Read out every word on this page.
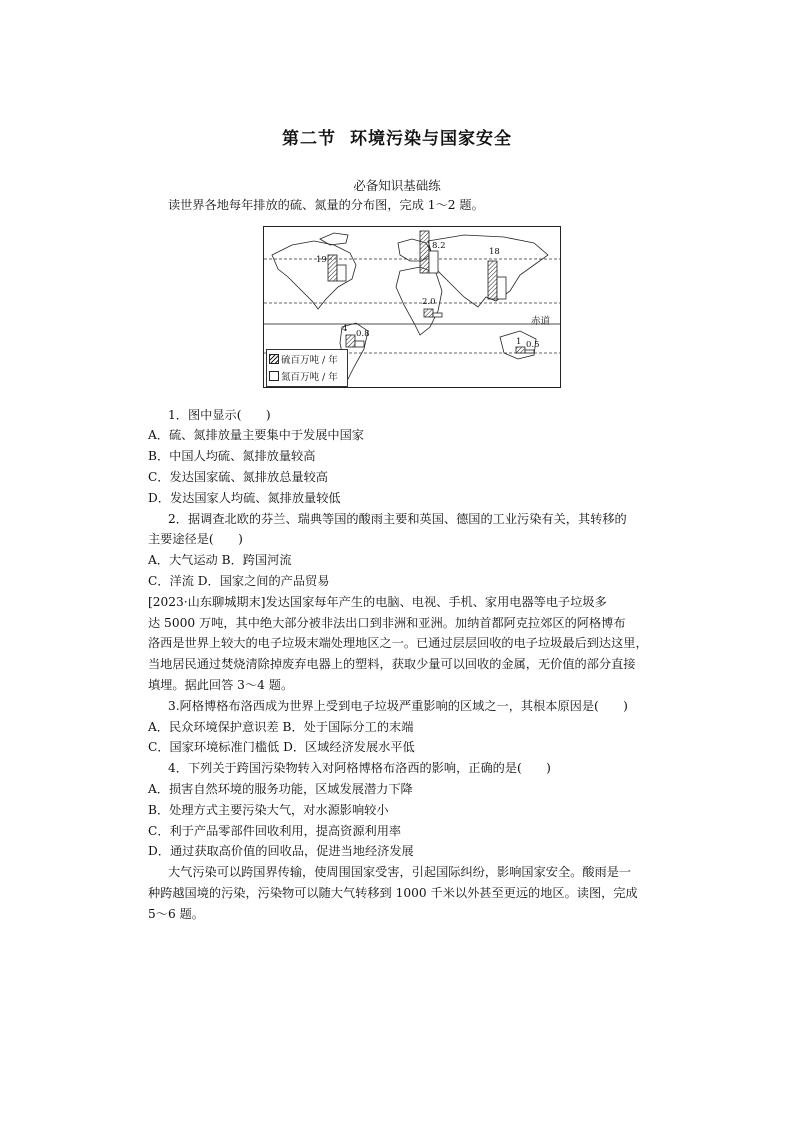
第二节 环境污染与国家安全
必备知识基础练
读世界各地每年排放的硫、氮量的分布图，完成 1～2 题。
19
8.2
18
2.0
4 0.8
1 0.5
赤道
硫百万吨 / 年
氮百万吨 / 年
1．图中显示(　　)
A．硫、氮排放量主要集中于发展中国家
B．中国人均硫、氮排放量较高
C．发达国家硫、氮排放总量较高
D．发达国家人均硫、氮排放量较低
2．据调查北欧的芬兰、瑞典等国的酸雨主要和英国、德国的工业污染有关，其转移的
主要途径是(　　)
A．大气运动 B．跨国河流
C．洋流 D．国家之间的产品贸易
[2023·山东聊城期末]发达国家每年产生的电脑、电视、手机、家用电器等电子垃圾多
达 5000 万吨，其中绝大部分被非法出口到非洲和亚洲。加纳首都阿克拉郊区的阿格博布
洛西是世界上较大的电子垃圾末端处理地区之一。已通过层层回收的电子垃圾最后到达这里，
当地居民通过焚烧清除掉废弃电器上的塑料，获取少量可以回收的金属，无价值的部分直接
填埋。据此回答 3～4 题。
3.阿格博格布洛西成为世界上受到电子垃圾严重影响的区域之一，其根本原因是(　　)
A．民众环境保护意识差 B．处于国际分工的末端
C．国家环境标准门槛低 D．区域经济发展水平低
4．下列关于跨国污染物转入对阿格博格布洛西的影响，正确的是(　　)
A．损害自然环境的服务功能，区域发展潜力下降
B．处理方式主要污染大气，对水源影响较小
C．利于产品零部件回收利用，提高资源利用率
D．通过获取高价值的回收品，促进当地经济发展
大气污染可以跨国界传输，使周围国家受害，引起国际纠纷，影响国家安全。酸雨是一
种跨越国境的污染，污染物可以随大气转移到 1000 千米以外甚至更远的地区。读图，完成
5～6 题。
